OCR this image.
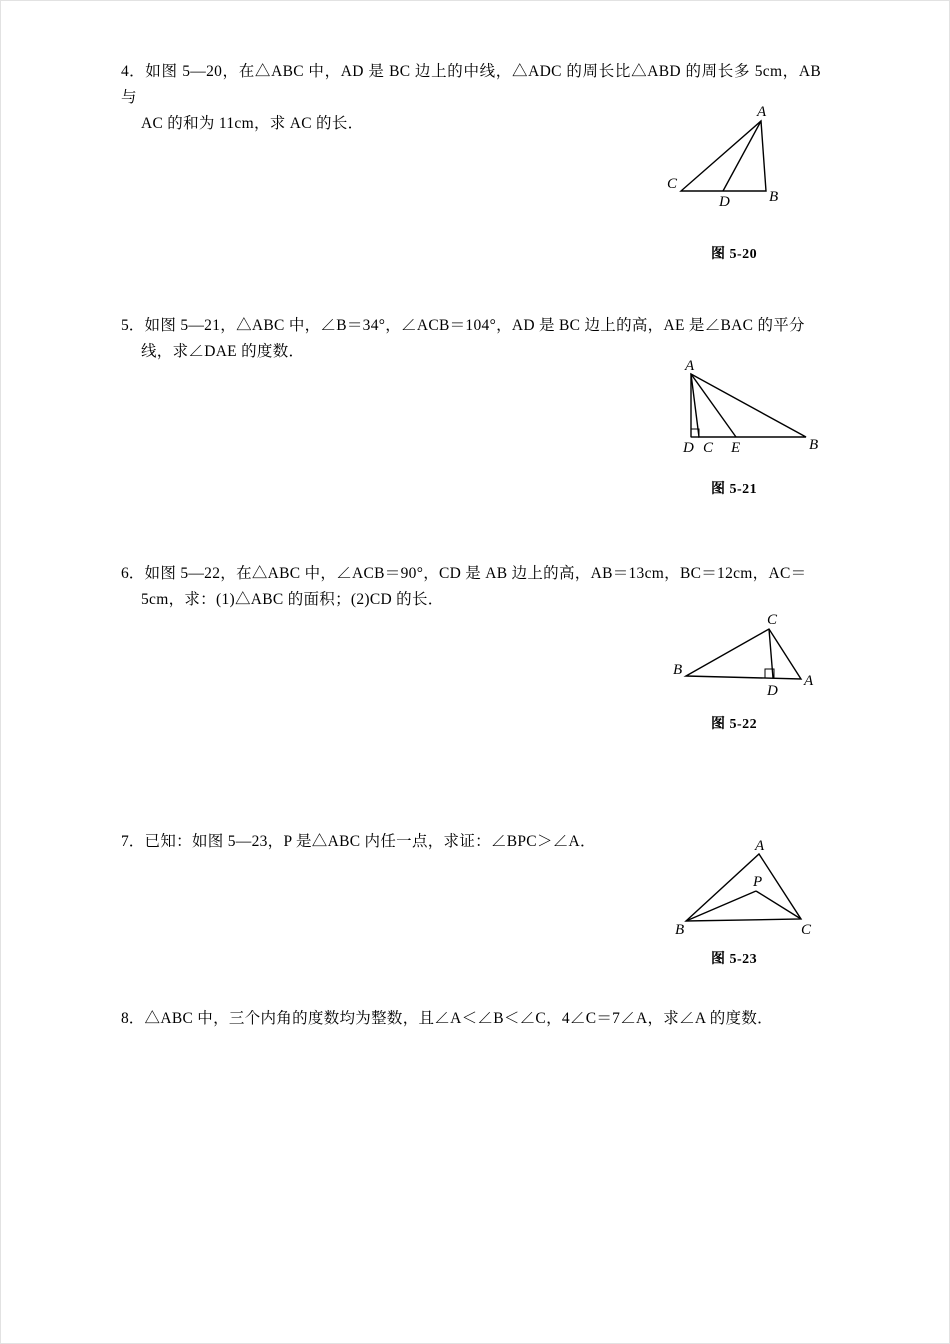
4．如图 5—20，在△ABC 中，AD 是 BC 边上的中线，△ADC 的周长比△ABD 的周长多 5cm，AB 与
AC 的和为 11cm，求 AC 的长．
A
B
C
D
图 5-20
5．如图 5—21，△ABC 中，∠B＝34°，∠ACB＝104°，AD 是 BC 边上的高，AE 是∠BAC 的平分
线，求∠DAE 的度数．
A
B
C
D E
图 5-21
6．如图 5—22，在△ABC 中，∠ACB＝90°，CD 是 AB 边上的高，AB＝13cm，BC＝12cm，AC＝
5cm，求：(1)△ABC 的面积；(2)CD 的长．
A
B
C
D
图 5-22
7．已知：如图 5—23，P 是△ABC 内任一点，求证：∠BPC＞∠A．	A
B	C
P
图 5-23
8．△ABC 中，三个内角的度数均为整数，且∠A＜∠B＜∠C，4∠C＝7∠A，求∠A 的度数．
